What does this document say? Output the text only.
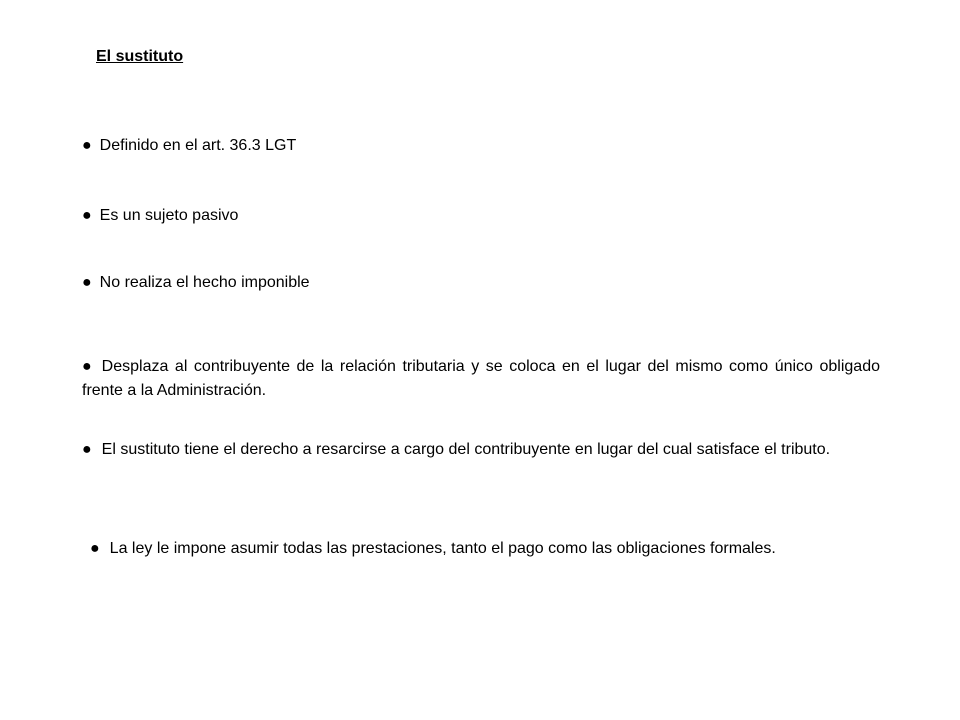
El sustituto
● Definido en el art. 36.3 LGT
● Es un sujeto pasivo
● No realiza el hecho imponible
● Desplaza al contribuyente de la relación tributaria y se coloca en el lugar del mismo como único obligado frente a la Administración.
● El sustituto tiene el derecho a resarcirse a cargo del contribuyente en lugar del cual satisface el tributo.
● La ley le impone asumir todas las prestaciones, tanto el pago como las obligaciones formales.
